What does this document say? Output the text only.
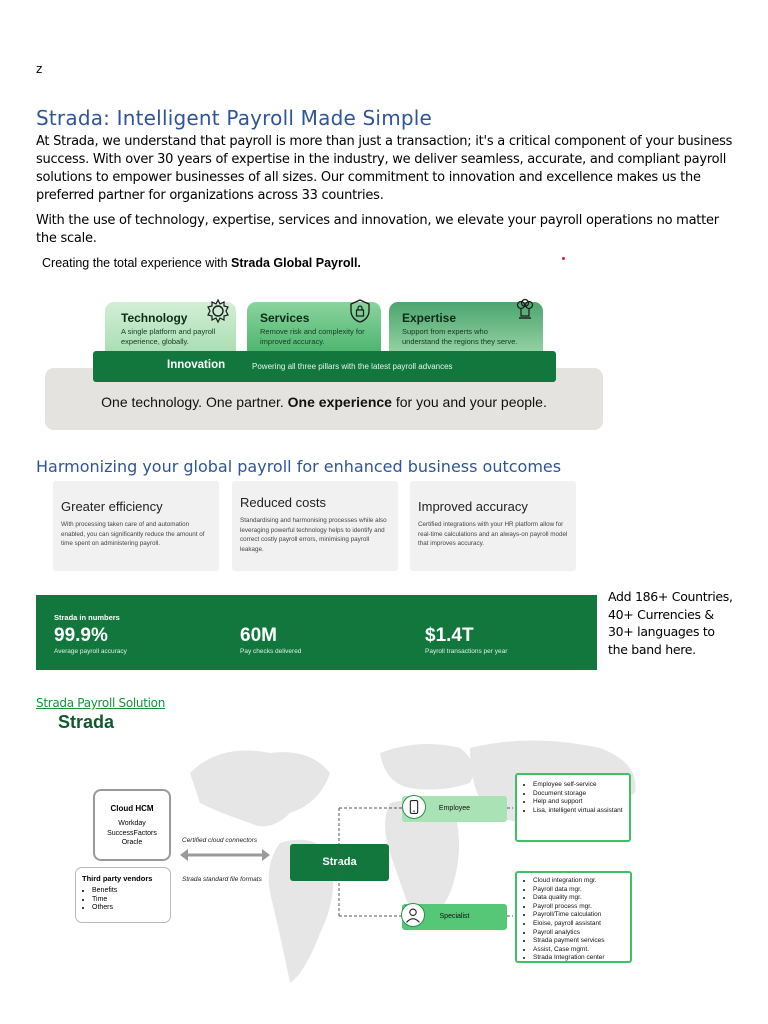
z
Strada: Intelligent Payroll Made Simple

At Strada, we understand that payroll is more than just a transaction; it's a critical component of your business success. With over 30 years of expertise in the industry, we deliver seamless, accurate, and compliant payroll solutions to empower businesses of all sizes. Our commitment to innovation and excellence makes us the preferred partner for organizations across 33 countries.

With the use of technology, expertise, services and innovation, we elevate your payroll operations no matter the scale.

Creating the total experience with Strada Global Payroll.
One technology. One partner. One experience for you and your people.
Technology
A single platform and payroll experience, globally.
Services
Remove risk and complexity for improved accuracy.
Expertise
Support from experts who understand the regions they serve.
Innovation	Powering all three pillars with the latest payroll advances
Harmonizing your global payroll for enhanced business outcomes
Greater efficiency
With processing taken care of and automation enabled, you can significantly reduce the amount of time spent on administering payroll.
Reduced costs
Standardising and harmonising processes while also leveraging powerful technology helps to identify and correct costly payroll errors, minimising payroll leakage.
Improved accuracy
Certified integrations with your HR platform allow for real-time calculations and an always-on payroll model that improves accuracy.
Strada in numbers
99.9%
Average payroll accuracy
60M
Pay checks delivered
$1.4T
Payroll transactions per year
Add 186+ Countries, 40+ Currencies & 30+ languages to the band here.
Strada Payroll Solution
Strada
Cloud HCM
Workday
SuccessFactors
Oracle
Third party vendors
• Benefits
• Time
• Others
Certified cloud connectors
Strada standard file formats
Strada
Employee
Specialist
• Employee self-service
• Document storage
• Help and support
• Lisa, intelligent virtual assistant
• Cloud integration mgr.
• Payroll data mgr.
• Data quality mgr.
• Payroll process mgr.
• Payroll/Time calculation
• Eloise, payroll assistant
• Payroll analytics
• Strada payment services
• Assist, Case mgmt.
• Strada Integration center
